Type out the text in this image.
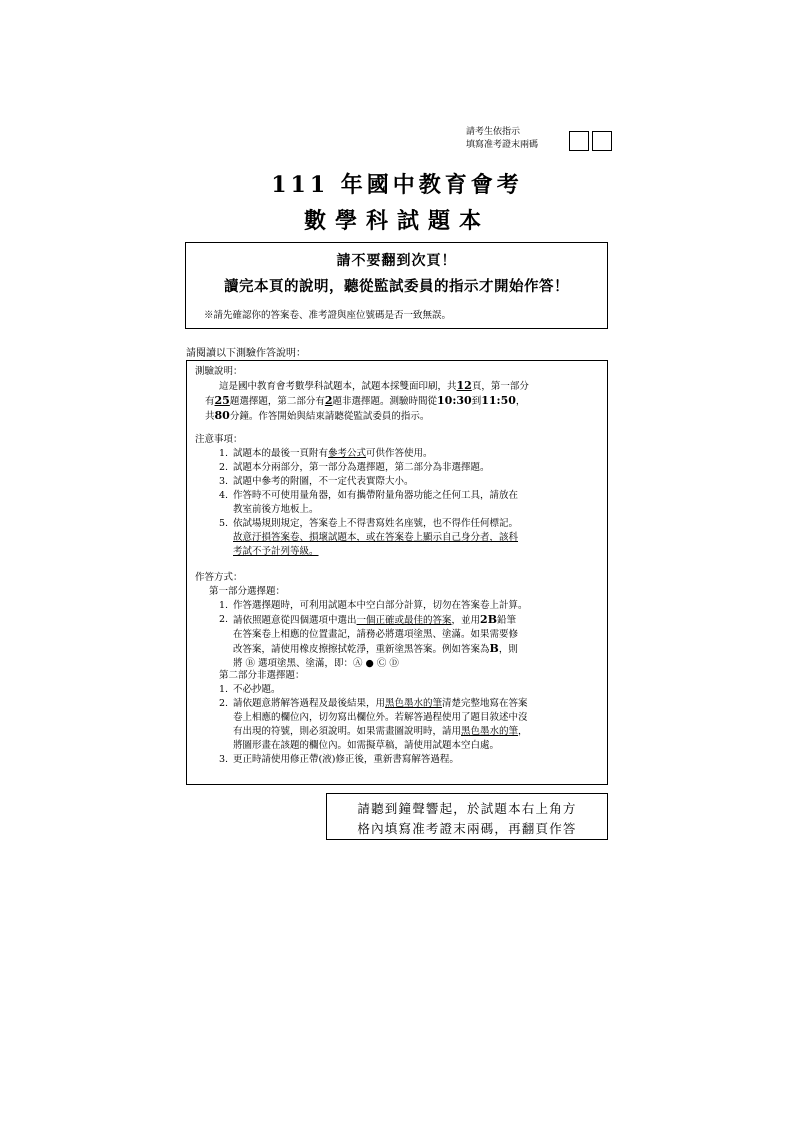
請考生依指示
填寫准考證末兩碼
111 年國中教育會考
數學科試題本
請不要翻到次頁！
讀完本頁的說明，聽從監試委員的指示才開始作答！
※請先確認你的答案卷、准考證與座位號碼是否一致無誤。
請閱讀以下測驗作答說明：
測驗說明：
這是國中教育會考數學科試題本，試題本採雙面印刷，共12頁，第一部分
有25題選擇題，第二部分有2題非選擇題。測驗時間從10:30到11:50，
共80分鐘。作答開始與結束請聽從監試委員的指示。
注意事項：
1. 試題本的最後一頁附有參考公式可供作答使用。
2. 試題本分兩部分，第一部分為選擇題，第二部分為非選擇題。
3. 試題中參考的附圖，不一定代表實際大小。
4. 作答時不可使用量角器，如有攜帶附量角器功能之任何工具，請放在
教室前後方地板上。
5. 依試場規則規定，答案卷上不得書寫姓名座號，也不得作任何標記。
故意汙損答案卷、損壞試題本，或在答案卷上顯示自己身分者，該科
考試不予計列等級。
作答方式：
第一部分選擇題：
1. 作答選擇題時，可利用試題本中空白部分計算，切勿在答案卷上計算。
2. 請依照題意從四個選項中選出一個正確或最佳的答案，並用2B鉛筆
在答案卷上相應的位置畫記，請務必將選項塗黑、塗滿。如果需要修
改答案，請使用橡皮擦擦拭乾淨，重新塗黑答案。例如答案為B，則
將 Ⓑ 選項塗黑、塗滿，即：Ⓐ ● Ⓒ Ⓓ
第二部分非選擇題：
1. 不必抄題。
2. 請依題意將解答過程及最後結果，用黑色墨水的筆清楚完整地寫在答案
卷上相應的欄位內，切勿寫出欄位外。若解答過程使用了題目敘述中沒
有出現的符號，則必須說明。如果需畫圖說明時，請用黑色墨水的筆，
將圖形畫在該題的欄位內。如需擬草稿，請使用試題本空白處。
3. 更正時請使用修正帶(液)修正後，重新書寫解答過程。
請聽到鐘聲響起，於試題本右上角方
格內填寫准考證末兩碼，再翻頁作答
